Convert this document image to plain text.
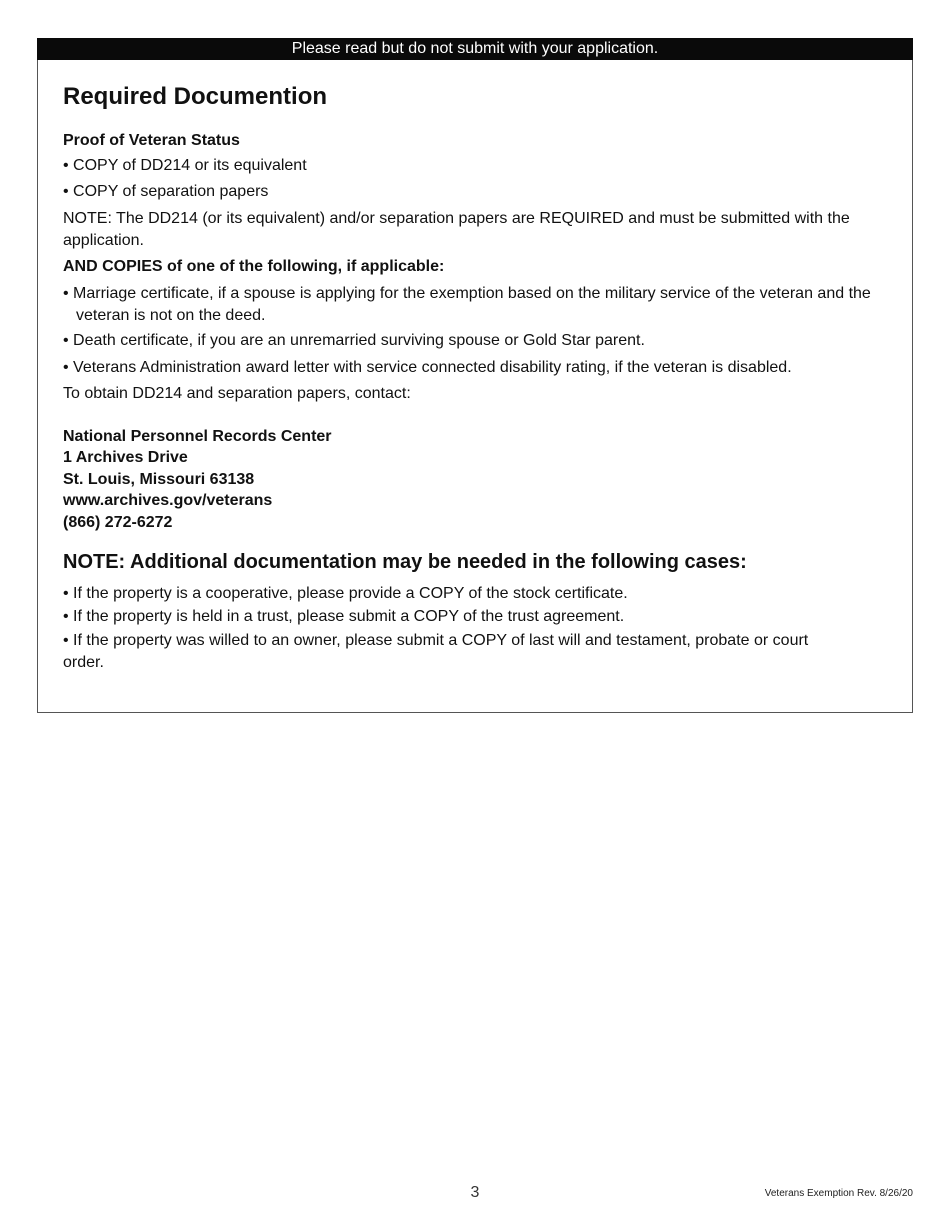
Please read but do not submit with your application.
Required Documention

Proof of Veteran Status

• COPY of DD214 or its equivalent

• COPY of separation papers

NOTE: The DD214 (or its equivalent) and/or separation papers are REQUIRED and must be submitted with the application.

AND COPIES of one of the following, if applicable:

• Marriage certificate, if a spouse is applying for the exemption based on the military service of the veteran and the veteran is not on the deed.

• Death certificate, if you are an unremarried surviving spouse or Gold Star parent.

• Veterans Administration award letter with service connected disability rating, if the veteran is disabled.

To obtain DD214 and separation papers, contact:

National Personnel Records Center

1 Archives Drive

St. Louis, Missouri 63138

www.archives.gov/veterans

(866) 272-6272

NOTE: Additional documentation may be needed in the following cases:

• If the property is a cooperative, please provide a COPY of the stock certificate.

• If the property is held in a trust, please submit a COPY of the trust agreement.

• If the property was willed to an owner, please submit a COPY of last will and testament, probate or court order.

3	Veterans Exemption Rev. 8/26/20
